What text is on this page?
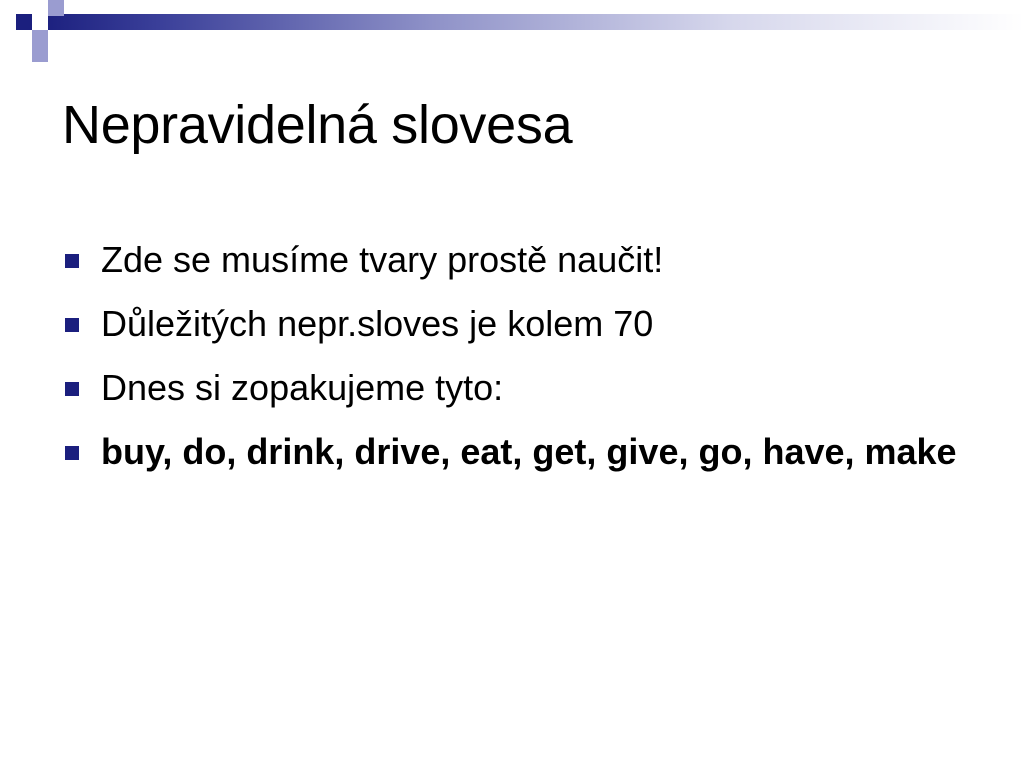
Nepravidelná slovesa
Zde se musíme tvary prostě naučit!
Důležitých nepr.sloves je kolem 70
Dnes si zopakujeme tyto:
buy, do, drink, drive, eat, get, give, go, have, make
